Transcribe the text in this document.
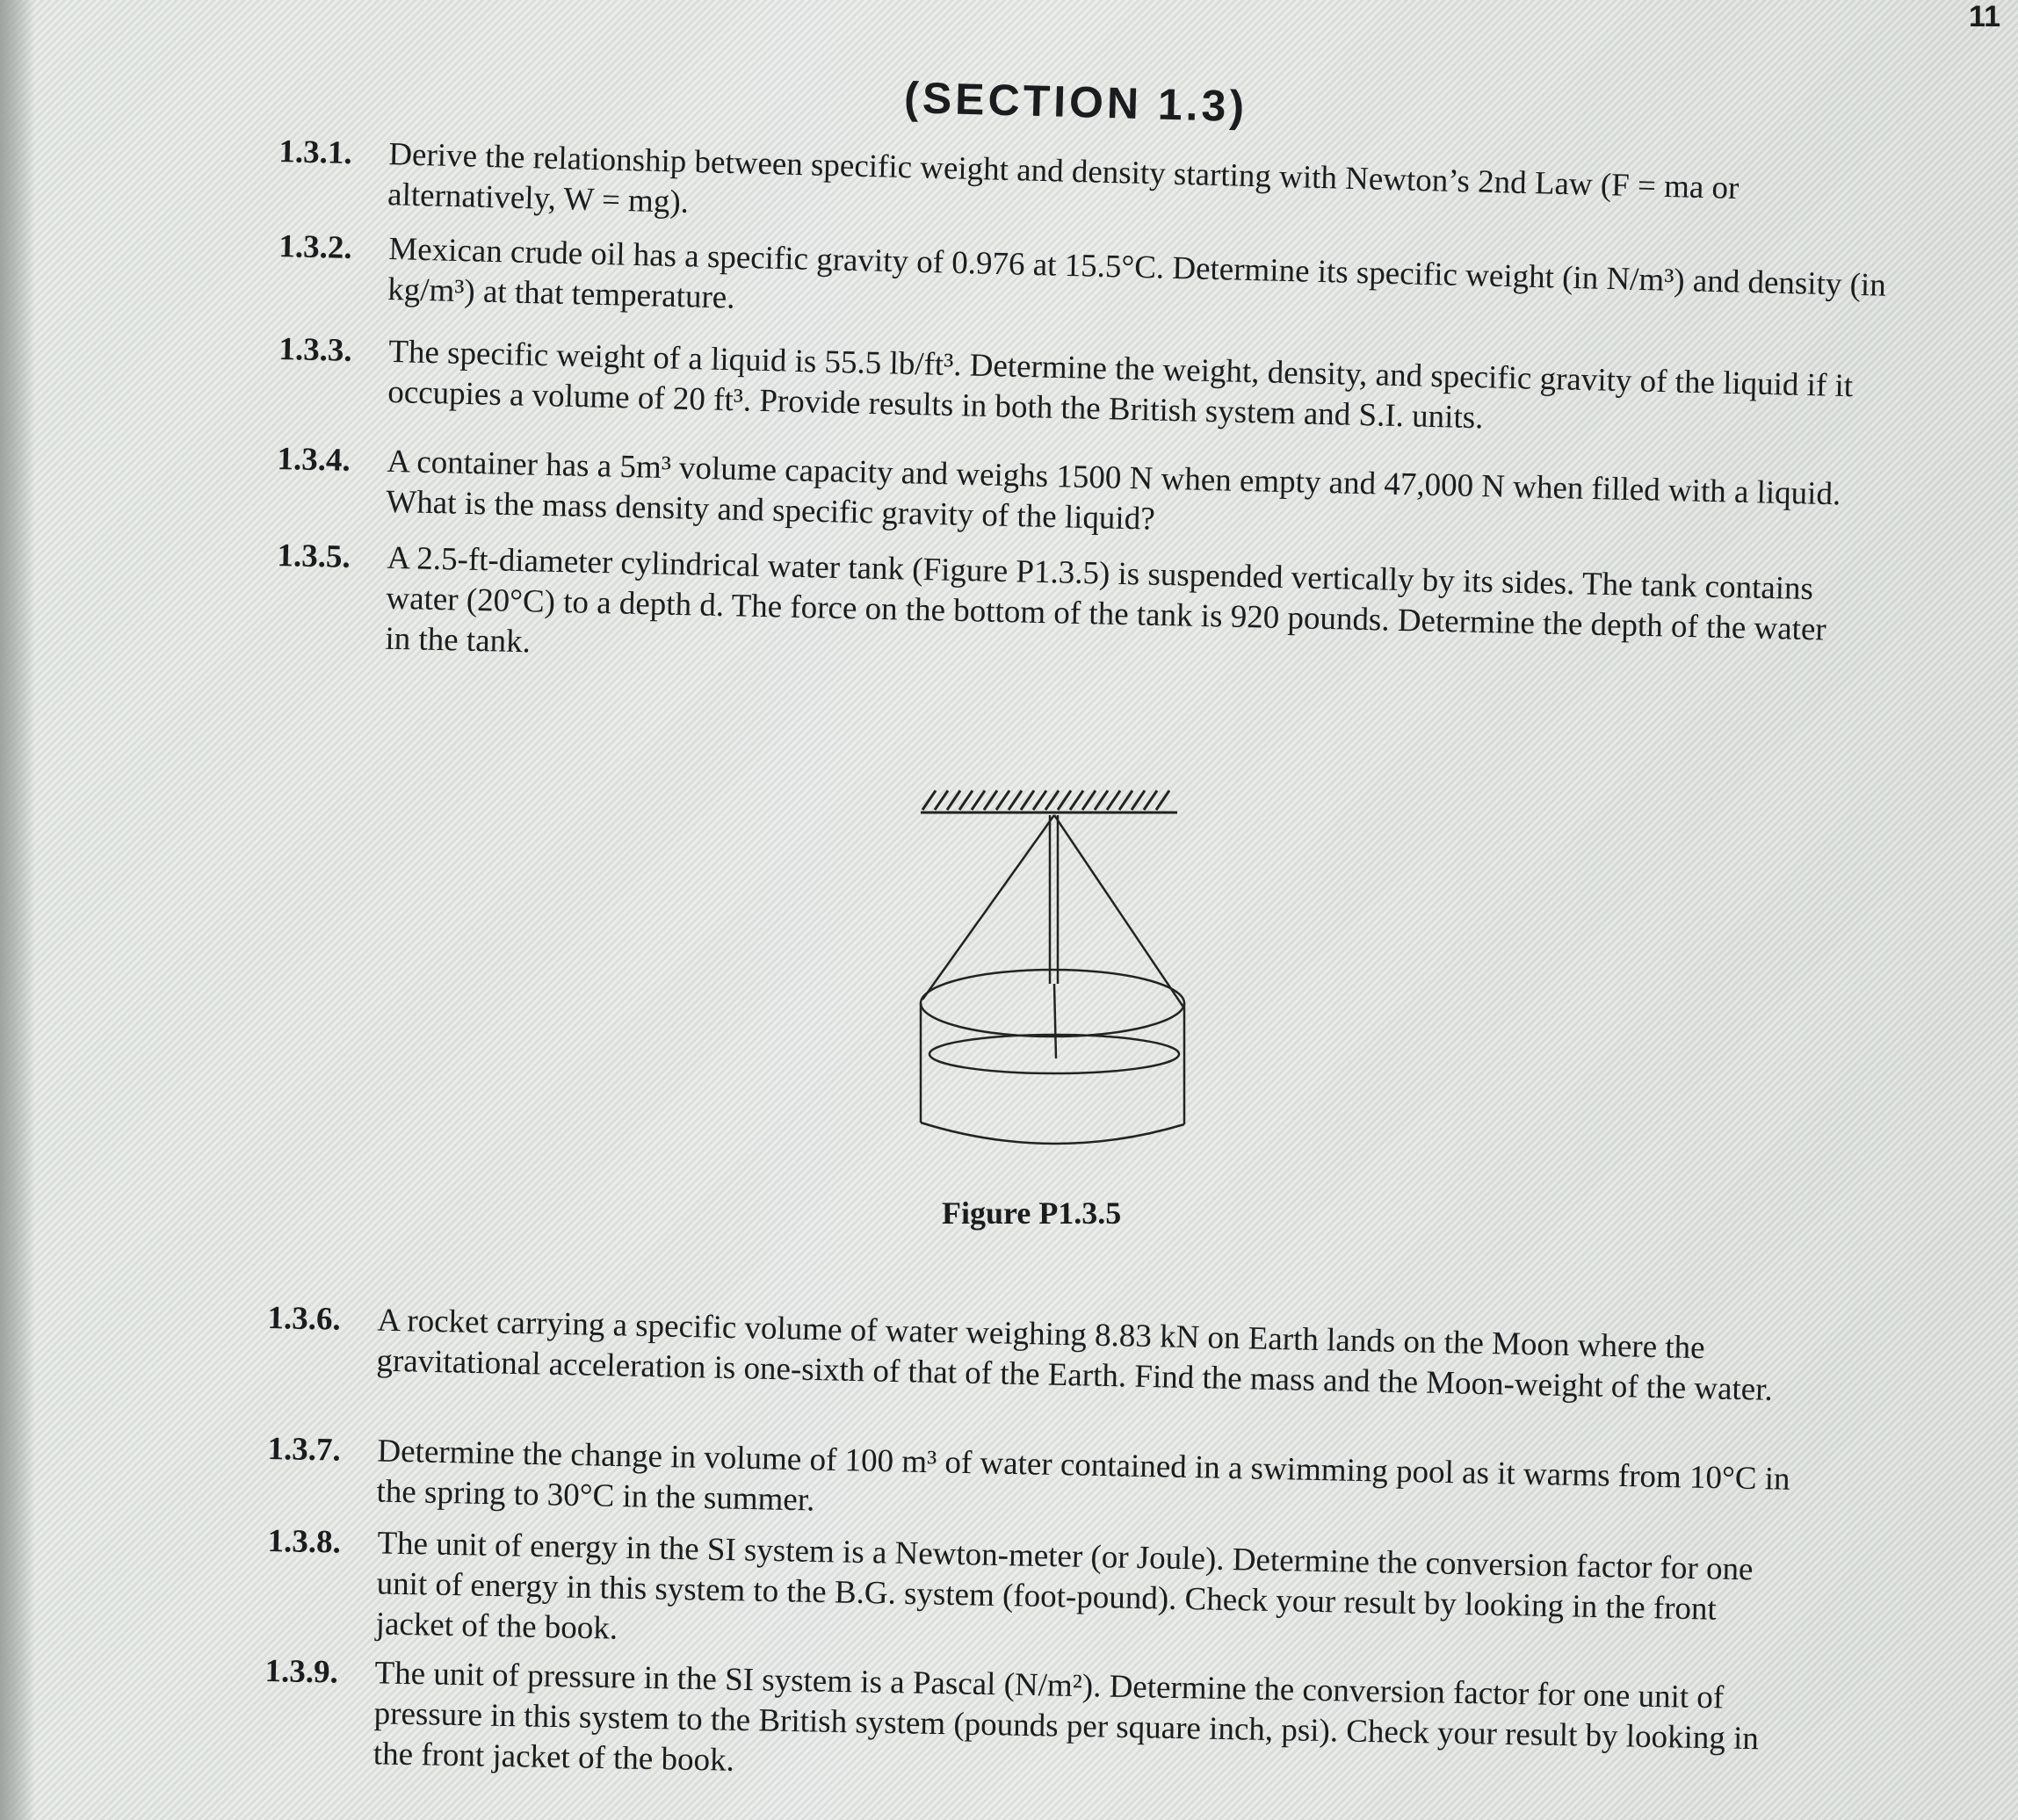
11
(SECTION 1.3)
1.3.1. Derive the relationship between specific weight and density starting with Newton’s 2nd Law (F = ma or alternatively, W = mg).
1.3.2. Mexican crude oil has a specific gravity of 0.976 at 15.5°C. Determine its specific weight (in N/m³) and density (in kg/m³) at that temperature.
1.3.3. The specific weight of a liquid is 55.5 lb/ft³. Determine the weight, density, and specific gravity of the liquid if it occupies a volume of 20 ft³. Provide results in both the British system and S.I. units.
1.3.4. A container has a 5m³ volume capacity and weighs 1500 N when empty and 47,000 N when filled with a liquid. What is the mass density and specific gravity of the liquid?
1.3.5. A 2.5-ft-diameter cylindrical water tank (Figure P1.3.5) is suspended vertically by its sides. The tank contains water (20°C) to a depth d. The force on the bottom of the tank is 920 pounds. Determine the depth of the water in the tank.
1.3.6. A rocket carrying a specific volume of water weighing 8.83 kN on Earth lands on the Moon where the gravitational acceleration is one-sixth of that of the Earth. Find the mass and the Moon-weight of the water.
1.3.7. Determine the change in volume of 100 m³ of water contained in a swimming pool as it warms from 10°C in the spring to 30°C in the summer.
1.3.8. The unit of energy in the SI system is a Newton-meter (or Joule). Determine the conversion factor for one unit of energy in this system to the B.G. system (foot-pound). Check your result by looking in the front jacket of the book.
1.3.9. The unit of pressure in the SI system is a Pascal (N/m²). Determine the conversion factor for one unit of pressure in this system to the British system (pounds per square inch, psi). Check your result by looking in the front jacket of the book.
Figure P1.3.5
